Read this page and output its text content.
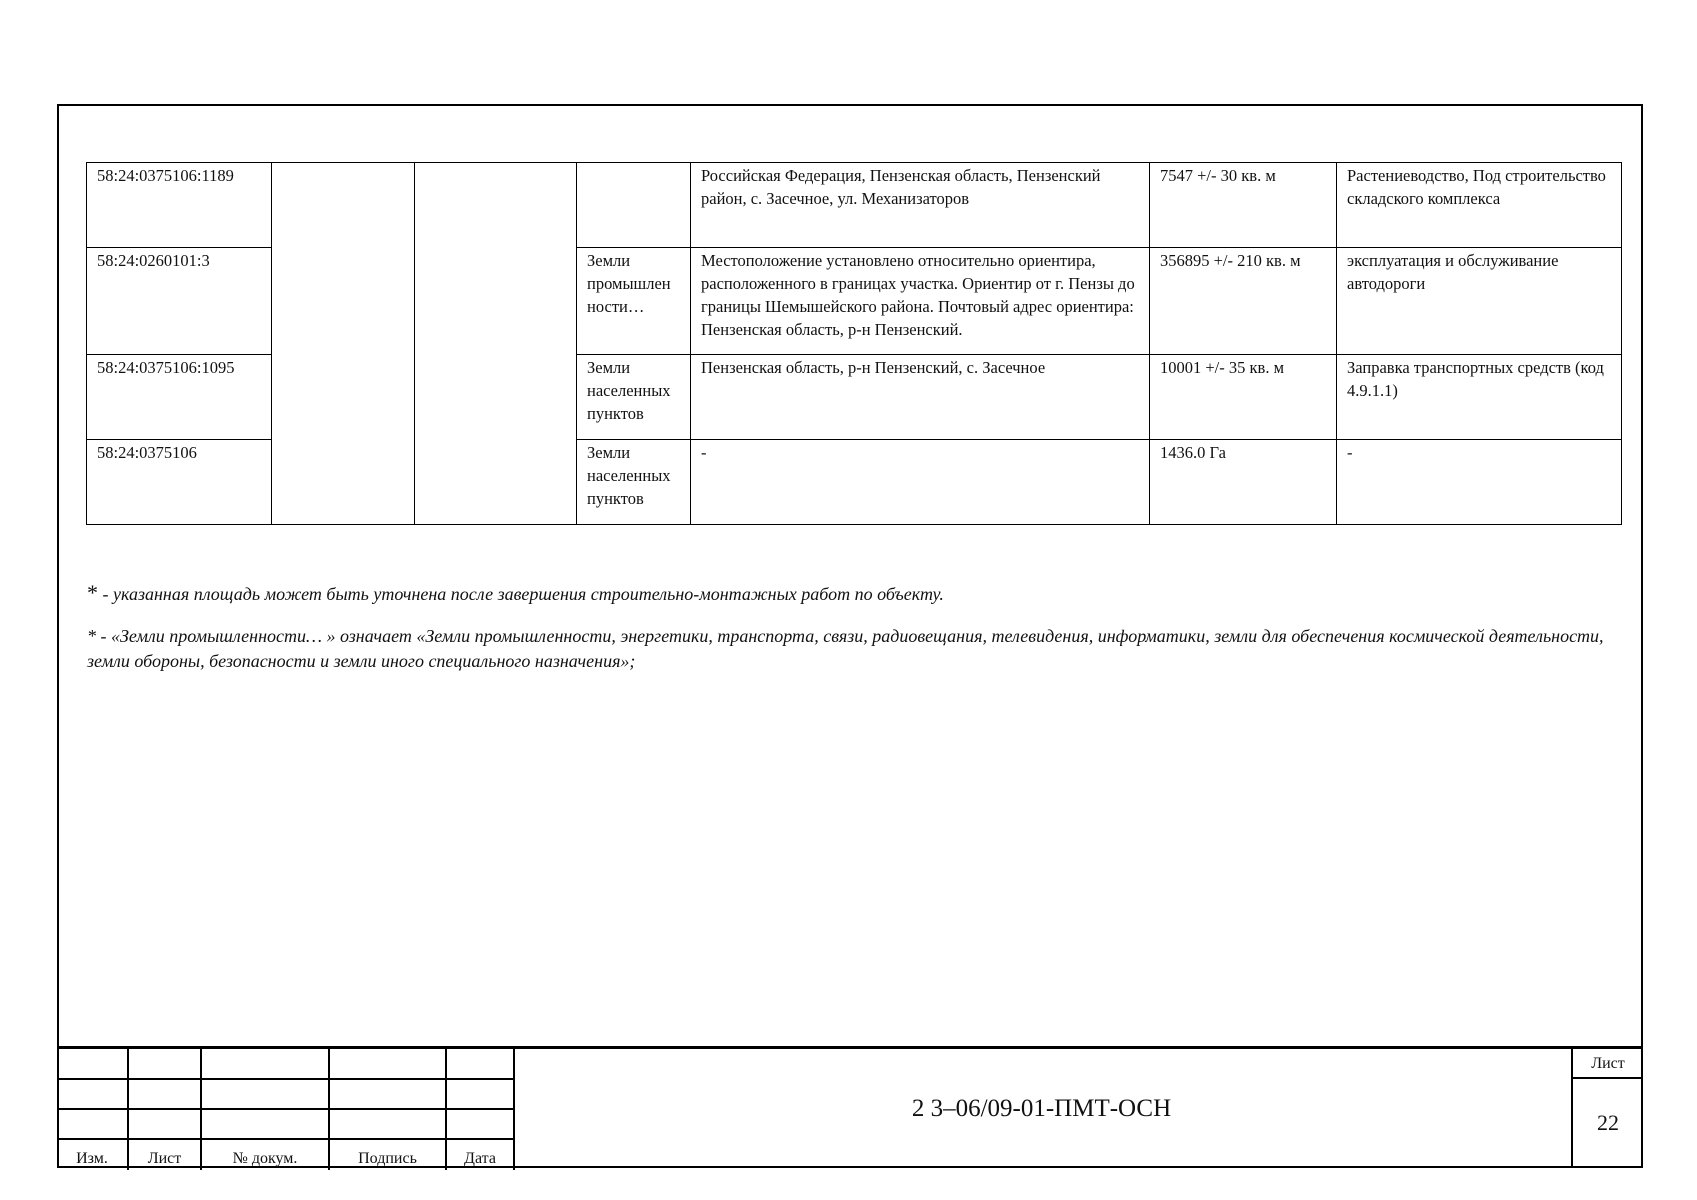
58:24:0375106:1189				Российская Федерация, Пензенская область, Пензенский район, с. Засечное, ул. Механизаторов	7547 +/- 30 кв. м	Растениеводство, Под строительство складского комплекса
58:24:0260101:3			Земли промышлен ности…	Местоположение установлено относительно ориентира, расположенного в границах участка. Ориентир от г. Пензы до границы Шемышейского района. Почтовый адрес ориентира: Пензенская область, р-н Пензенский.	356895 +/- 210 кв. м	эксплуатация и обслуживание автодороги
58:24:0375106:1095			Земли населенных пунктов	Пензенская область, р-н Пензенский, с. Засечное	10001 +/- 35 кв. м	Заправка транспортных средств (код 4.9.1.1)
58:24:0375106			Земли населенных пунктов	-	1436.0 Га	-

* - указанная площадь может быть уточнена после завершения строительно-монтажных работ по объекту.

* - «Земли промышленности… » означает «Земли промышленности, энергетики, транспорта, связи, радиовещания, телевидения, информатики, земли для обеспечения космической деятельности, земли обороны, безопасности и земли иного специального назначения»;

Изм.	Лист	№ докум.	Подпись	Дата
2 3–06/09-01-ПМТ-ОСН
Лист
22
